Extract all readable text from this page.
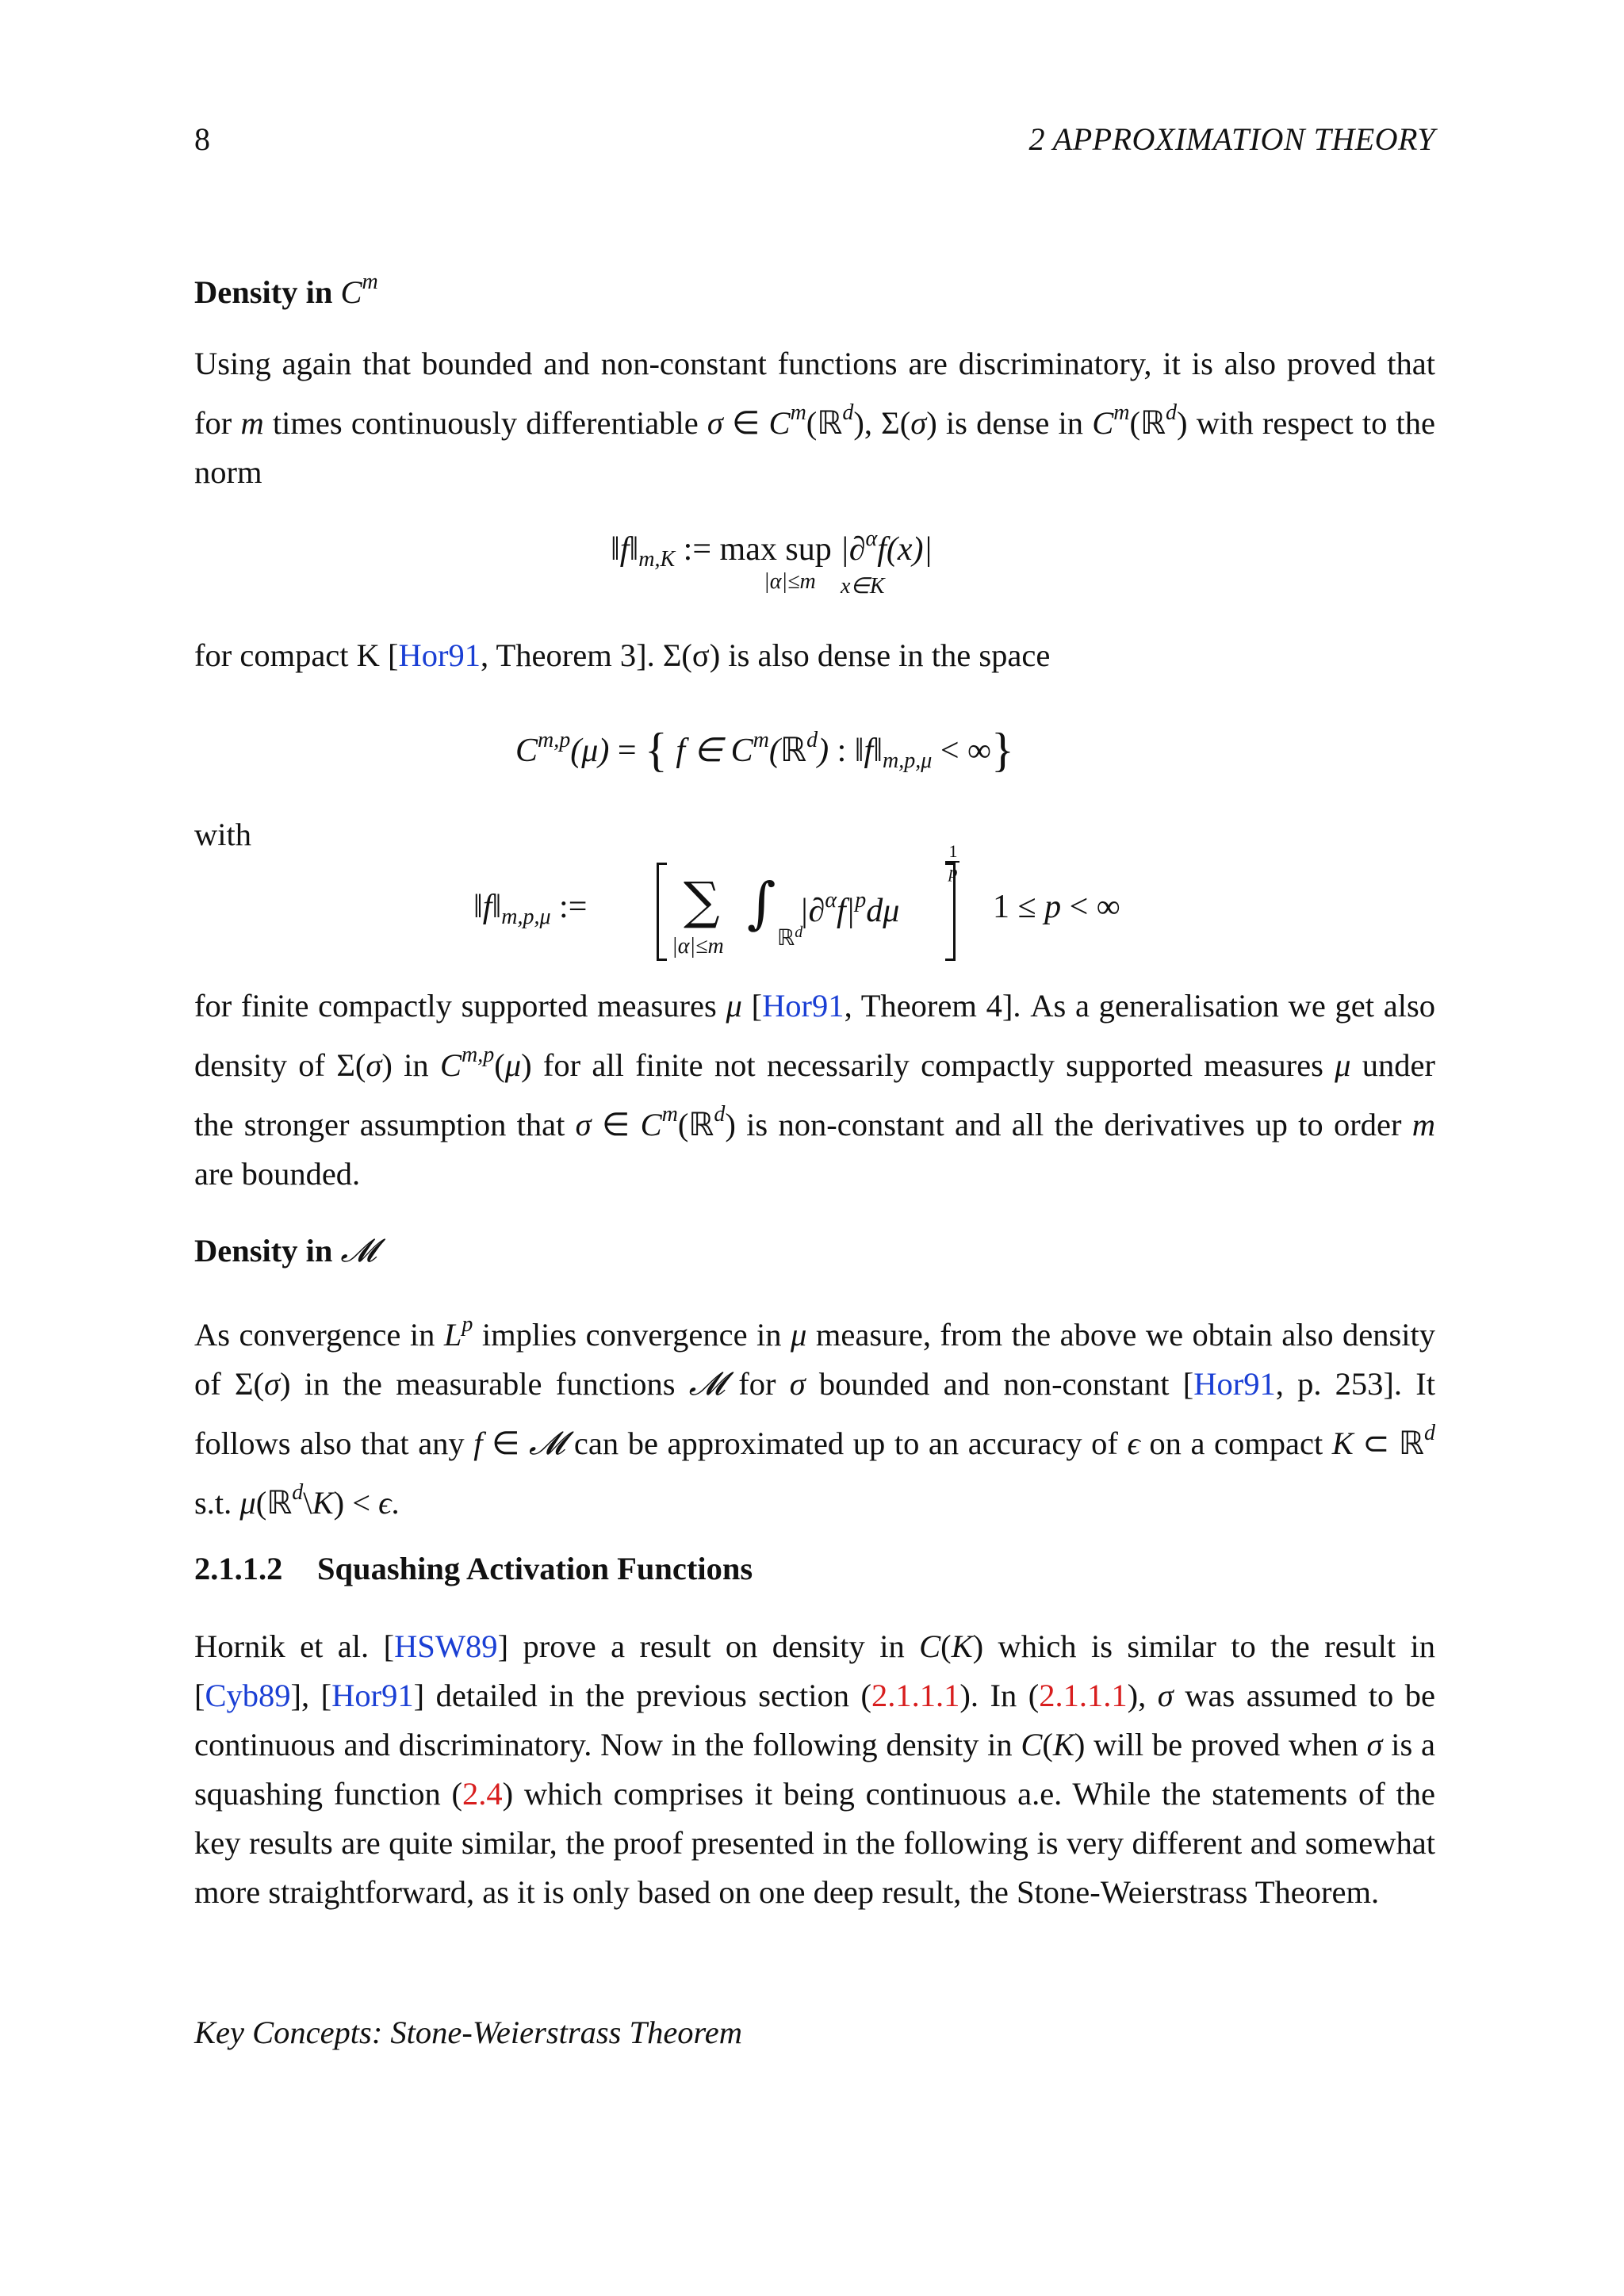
8	2 APPROXIMATION THEORY
Density in $C^m$
Using again that bounded and non-constant functions are discriminatory, it is also proved that for m times continuously differentiable σ ∈ $C^m(ℝ^d)$, Σ(σ) is dense in $C^m(ℝ^d)$ with respect to the norm
$‖f‖_{m,K}$ := max sup |∂$^\alpha$f(x)|
|α|≤m x∈K
for compact K [Hor91, Theorem 3]. Σ(σ) is also dense in the space
C$^{m,p}$(μ) = { f ∈ $C^m(ℝ^d)$ : $‖f‖_{m,p,\mu}$ < ∞}
with
$‖f‖_{m,p,\mu}$ := ∑
|α|≤m
∫
ℝ$^d$
$|\partial^\alpha f|^pd\mu$
1
p
1 ≤ p < ∞
for finite compactly supported measures μ [Hor91, Theorem 4]. As a generalisation we get also density of Σ(σ) in C$^{m,p}$(μ) for all finite not necessarily compactly supported measures μ under the stronger assumption that σ ∈ $C^m(ℝ^d)$ is non-constant and all the derivatives up to order m are bounded.
Density in 𝓜
As convergence in $L^p$ implies convergence in μ measure, from the above we obtain also density of Σ(σ) in the measurable functions 𝓜 for σ bounded and non-constant [Hor91, p. 253]. It follows also that any f ∈ 𝓜 can be approximated up to an accuracy of ϵ on a compact K ⊂ ℝ$^d$ s.t. μ(ℝ$^d$\K) < ϵ.
2.1.1.2 Squashing Activation Functions
Hornik et al. [HSW89] prove a result on density in C(K) which is similar to the result in [Cyb89], [Hor91] detailed in the previous section (2.1.1.1). In (2.1.1.1), σ was assumed to be continuous and discriminatory. Now in the following density in C(K) will be proved when σ is a squashing function (2.4) which comprises it being continuous a.e. While the statements of the key results are quite similar, the proof presented in the following is very different and somewhat more straightforward, as it is only based on one deep result, the Stone-Weierstrass Theorem.
Key Concepts: Stone-Weierstrass Theorem
